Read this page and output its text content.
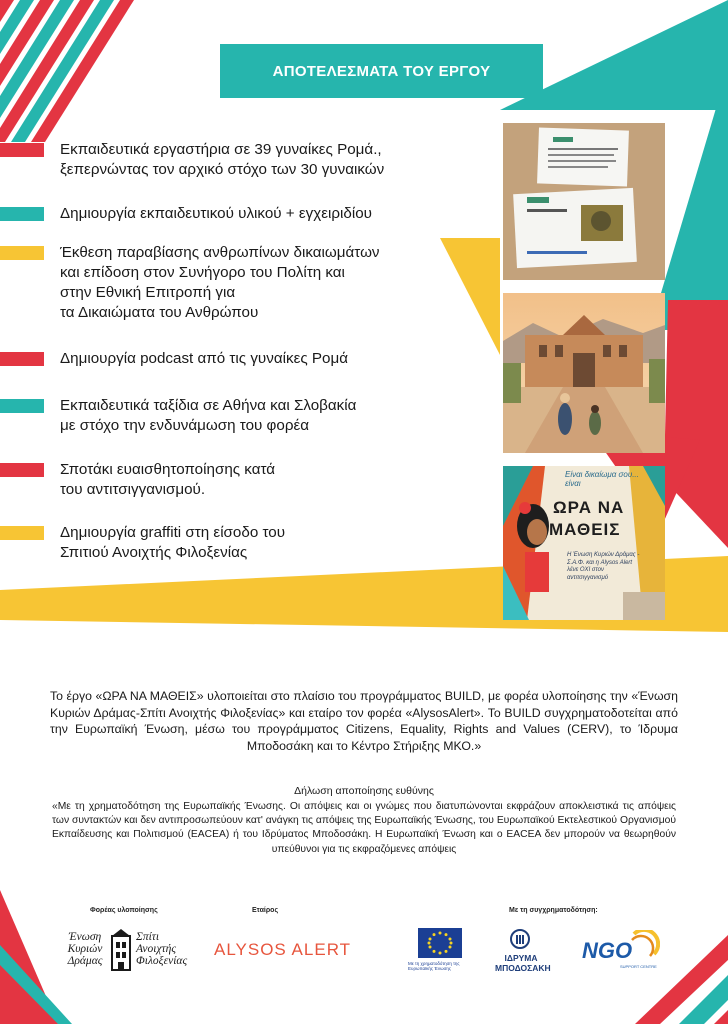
ΑΠΟΤΕΛΕΣΜΑΤΑ ΤΟΥ ΕΡΓΟΥ
Εκπαιδευτικά εργαστήρια σε 39 γυναίκες Ρομά.,
ξεπερνώντας τον αρχικό στόχο των 30 γυναικών
Δημιουργία εκπαιδευτικού υλικού + εγχειριδίου
Έκθεση παραβίασης ανθρωπίνων δικαιωμάτων
και επίδοση στον Συνήγορο του Πολίτη και
στην Εθνική Επιτροπή για
τα Δικαιώματα του Ανθρώπου
Δημιουργία podcast από τις γυναίκες Ρομά
Εκπαιδευτικά ταξίδια σε Αθήνα και Σλοβακία
με στόχο την ενδυνάμωση του φορέα
Σποτάκι ευαισθητοποίησης κατά
του αντιτσιγγανισμού.
Δημιουργία graffiti στη είσοδο του
Σπιτιού Ανοιχτής Φιλοξενίας
Είναι δικαίωμα σου... είναι
ΩΡΑ ΝΑ
ΜΑΘΕΙΣ
Η Ένωση Κυριών Δράμας - Σ.Α.Φ. και η Alysos Alert λένε ΟΧΙ στον αντιτσιγγανισμό
Το έργο «ΩΡΑ ΝΑ ΜΑΘΕΙΣ» υλοποιείται στο πλαίσιο του προγράμματος BUILD, με φορέα υλοποίησης την «Ένωση Κυριών Δράμας-Σπίτι Ανοιχτής Φιλοξενίας» και εταίρο τον φορέα «AlysosAlert». Το BUILD συγχρηματοδοτείται από την Ευρωπαϊκή Ένωση, μέσω του προγράμματος Citizens, Equality, Rights and Values (CERV), το Ίδρυμα Μποδοσάκη και το Κέντρο Στήριξης ΜΚΟ.»
Δήλωση αποποίησης ευθύνης
«Με τη χρηματοδότηση της Ευρωπαϊκής Ένωσης. Οι απόψεις και οι γνώμες που διατυπώνονται εκφράζουν αποκλειστικά τις απόψεις των συντακτών και δεν αντιπροσωπεύουν κατ' ανάγκη τις απόψεις της Ευρωπαϊκής Ένωσης, του Ευρωπαϊκού Εκτελεστικού Οργανισμού Εκπαίδευσης και Πολιτισμού (EACEA) ή του Ιδρύματος Μποδοσάκη. Η Ευρωπαϊκή Ένωση και ο EACEA δεν μπορούν να θεωρηθούν υπεύθυνοι για τις εκφραζόμενες απόψεις
Φορέας υλοποίησης	Εταίρος	Με τη συγχρηματοδότηση:
Ένωση
Κυριών
Δράμας
Σπίτι
Ανοιχτής
Φιλοξενίας
ALYSOS ALERT
Με τη χρηματοδότηση της Ευρωπαϊκής Ένωσης
ΙΔΡΥΜΑ
ΜΠΟΔΟΣΑΚΗ
NGO
SUPPORT CENTRE
